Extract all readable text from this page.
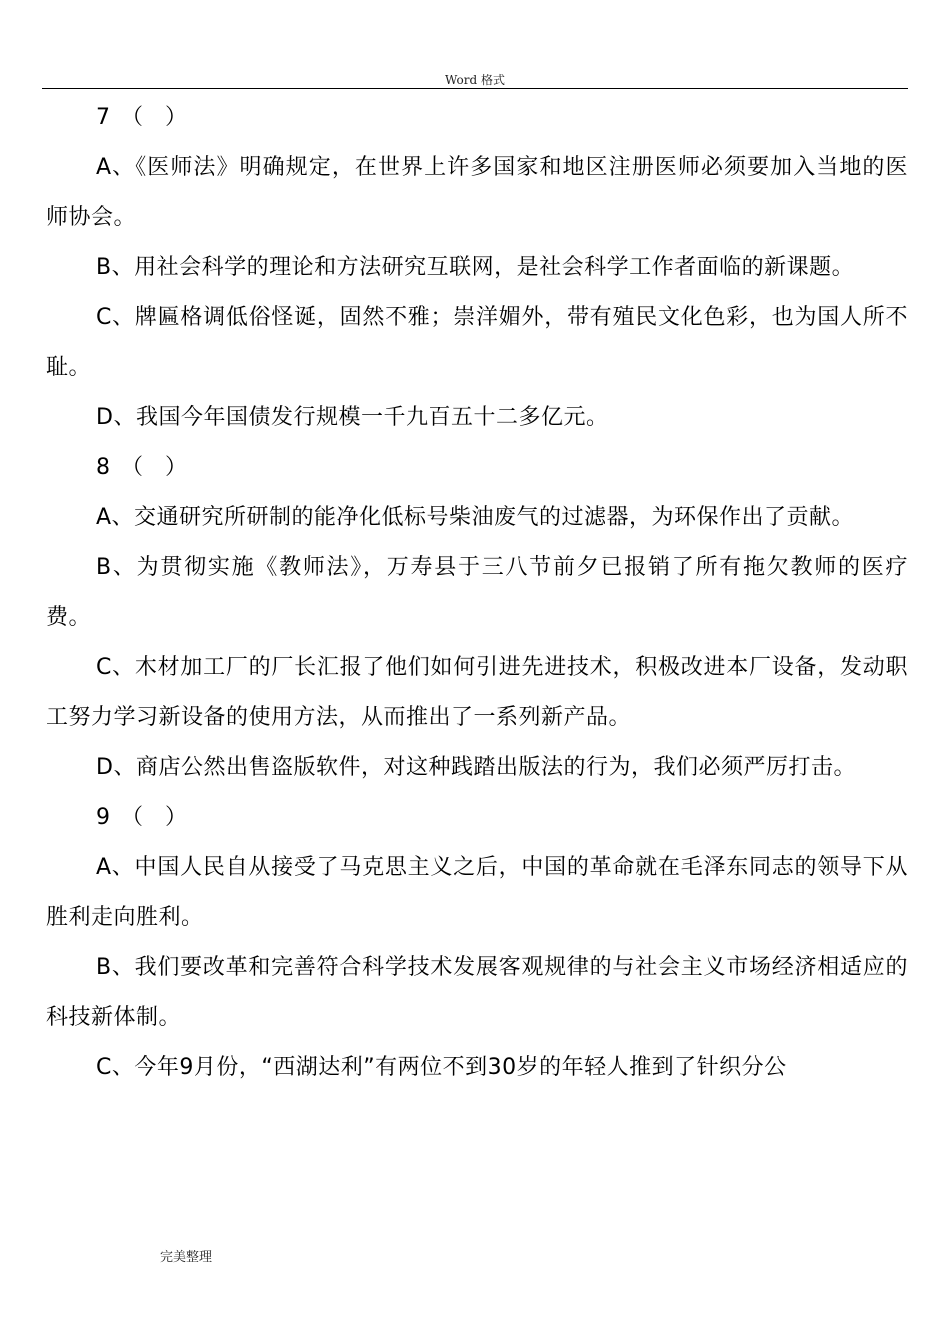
Word 格式

7　（　）

A、《医师法》明确规定，在世界上许多国家和地区注册医师必须要加入当地的医师协会。

B、用社会科学的理论和方法研究互联网，是社会科学工作者面临的新课题。

C、牌匾格调低俗怪诞，固然不雅；崇洋媚外，带有殖民文化色彩，也为国人所不耻。

D、我国今年国债发行规模一千九百五十二多亿元。

8　（　）

A、交通研究所研制的能净化低标号柴油废气的过滤器，为环保作出了贡献。

B、为贯彻实施《教师法》，万寿县于三八节前夕已报销了所有拖欠教师的医疗费。

C、木材加工厂的厂长汇报了他们如何引进先进技术，积极改进本厂设备，发动职工努力学习新设备的使用方法，从而推出了一系列新产品。

D、商店公然出售盗版软件，对这种践踏出版法的行为，我们必须严厉打击。

9　（　）

A、中国人民自从接受了马克思主义之后，中国的革命就在毛泽东同志的领导下从胜利走向胜利。

B、我们要改革和完善符合科学技术发展客观规律的与社会主义市场经济相适应的科技新体制。

C、今年9月份，“西湖达利”有两位不到30岁的年轻人推到了针织分公

完美整理
